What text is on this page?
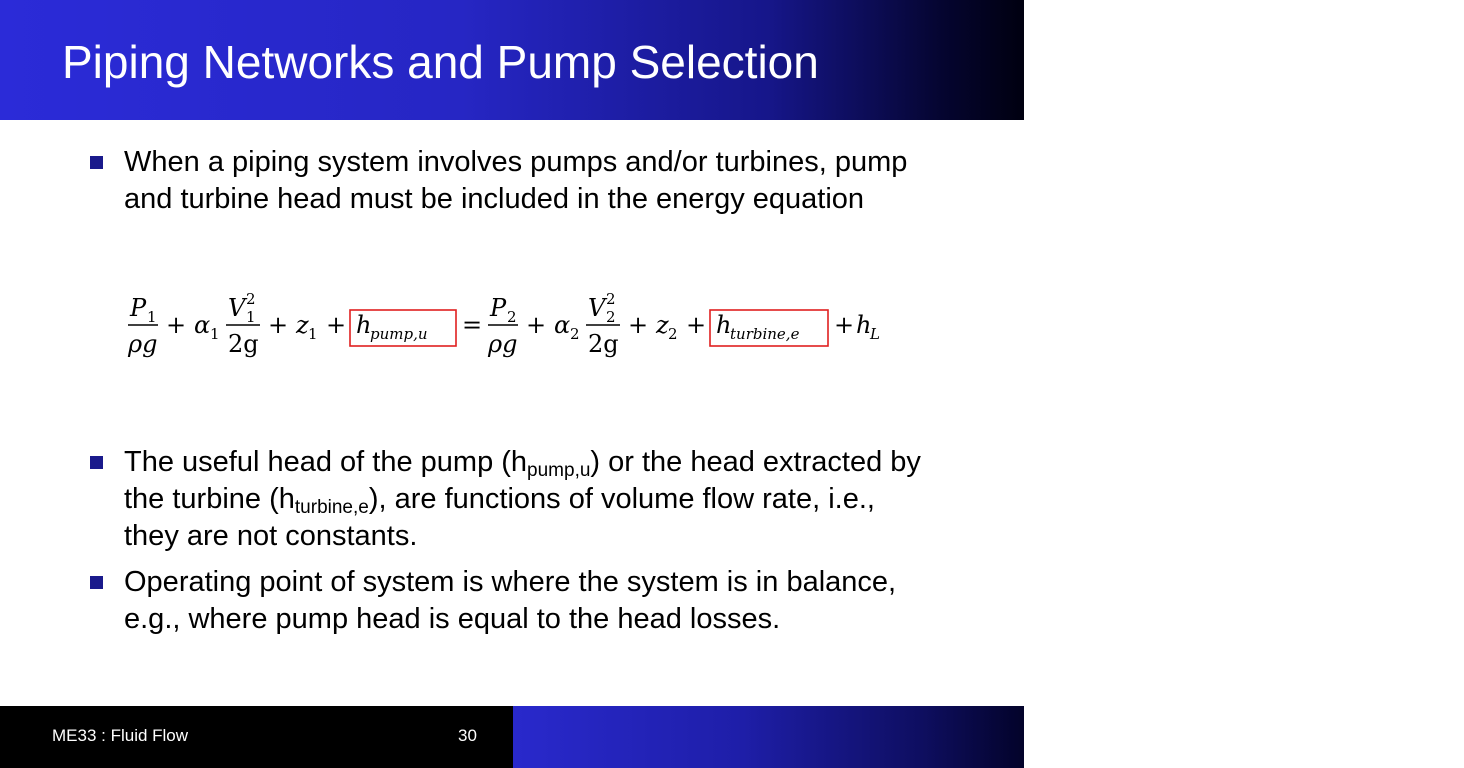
Piping Networks and Pump Selection
When a piping system involves pumps and/or turbines, pump and turbine head must be included in the energy equation
P 1
ρg
+ α 1
V 2
1
2g
+ z 1 + h
pump,u =
P 2
ρg
+ α 2
V 2
2
2g
+ z 2 + h
turbine,e + h
L
The useful head of the pump $(h_{pump,u})$ or the head extracted by the turbine $(h_{turbine,e})$, are functions of volume flow rate, i.e., they are not constants.
Operating point of system is where the system is in balance, e.g., where pump head is equal to the head losses.
ME33 : Fluid Flow	30	Chapter 8: Flow in Pipes
